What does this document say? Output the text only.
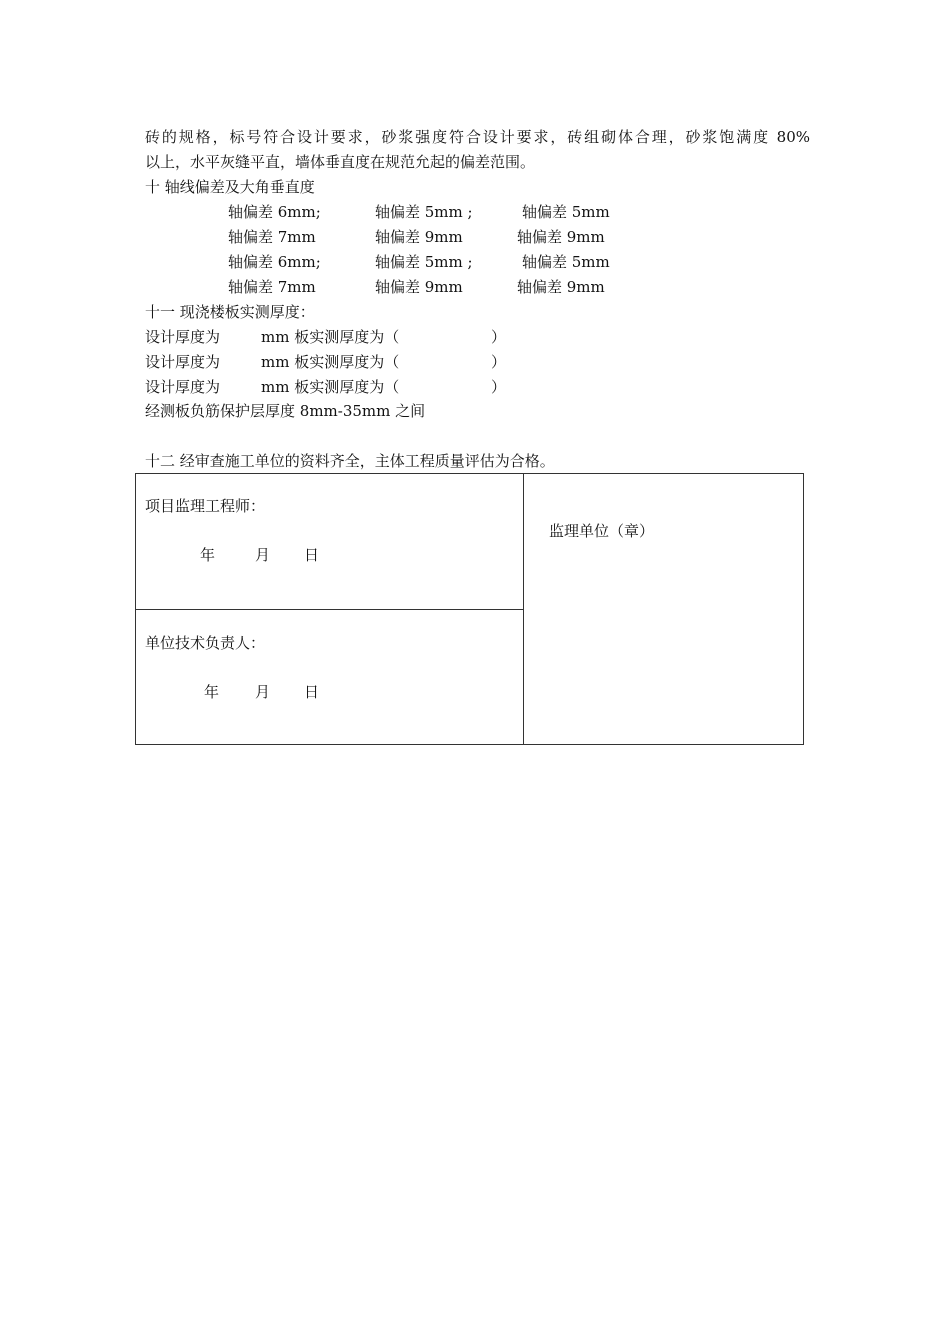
砖的规格，标号符合设计要求，砂浆强度符合设计要求，砖组砌体合理，砂浆饱满度 80%
以上，水平灰缝平直，墙体垂直度在规范允起的偏差范围。
十 轴线偏差及大角垂直度
轴偏差 6mm;	轴偏差 5mm ;	轴偏差 5mm
轴偏差 7mm	轴偏差 9mm	轴偏差 9mm
轴偏差 6mm;	轴偏差 5mm ;	轴偏差 5mm
轴偏差 7mm	轴偏差 9mm	轴偏差 9mm
十一 现浇楼板实测厚度：
设计厚度为	mm 板实测厚度为（	）
设计厚度为	mm 板实测厚度为（	）
设计厚度为	mm 板实测厚度为（	）
经测板负筋保护层厚度 8mm-35mm 之间
十二 经审查施工单位的资料齐全，主体工程质量评估为合格。
项目监理工程师：
年	月 日
单位技术负责人：
年 月 日
监理单位（章）
